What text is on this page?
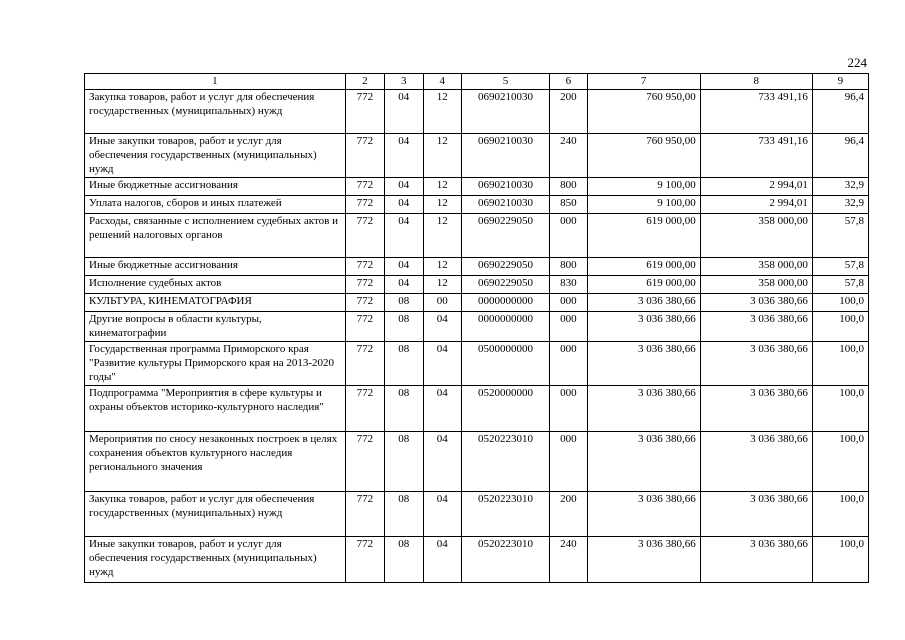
224
1	2	3	4	5	6	7	8	9
Закупка товаров, работ и услуг для обеспечения государственных (муниципальных) нужд	772	04	12	0690210030	200	760 950,00	733 491,16	96,4
Иные закупки товаров, работ и услуг для обеспечения государственных (муниципальных) нужд	772	04	12	0690210030	240	760 950,00	733 491,16	96,4
Иные бюджетные ассигнования	772	04	12	0690210030	800	9 100,00	2 994,01	32,9
Уплата налогов, сборов и иных платежей	772	04	12	0690210030	850	9 100,00	2 994,01	32,9
Расходы, связанные с исполнением судебных актов и решений налоговых органов	772	04	12	0690229050	000	619 000,00	358 000,00	57,8
Иные бюджетные ассигнования	772	04	12	0690229050	800	619 000,00	358 000,00	57,8
Исполнение судебных актов	772	04	12	0690229050	830	619 000,00	358 000,00	57,8
КУЛЬТУРА, КИНЕМАТОГРАФИЯ	772	08	00	0000000000	000	3 036 380,66	3 036 380,66	100,0
Другие вопросы в области культуры, кинематографии	772	08	04	0000000000	000	3 036 380,66	3 036 380,66	100,0
Государственная программа Приморского края "Развитие культуры Приморского края на 2013-2020 годы"	772	08	04	0500000000	000	3 036 380,66	3 036 380,66	100,0
Подпрограмма "Мероприятия в сфере культуры и охраны объектов историко-культурного наследия"	772	08	04	0520000000	000	3 036 380,66	3 036 380,66	100,0
Мероприятия по сносу незаконных построек в целях сохранения объектов культурного наследия регионального значения	772	08	04	0520223010	000	3 036 380,66	3 036 380,66	100,0
Закупка товаров, работ и услуг для обеспечения государственных (муниципальных) нужд	772	08	04	0520223010	200	3 036 380,66	3 036 380,66	100,0
Иные закупки товаров, работ и услуг для обеспечения государственных (муниципальных) нужд	772	08	04	0520223010	240	3 036 380,66	3 036 380,66	100,0
